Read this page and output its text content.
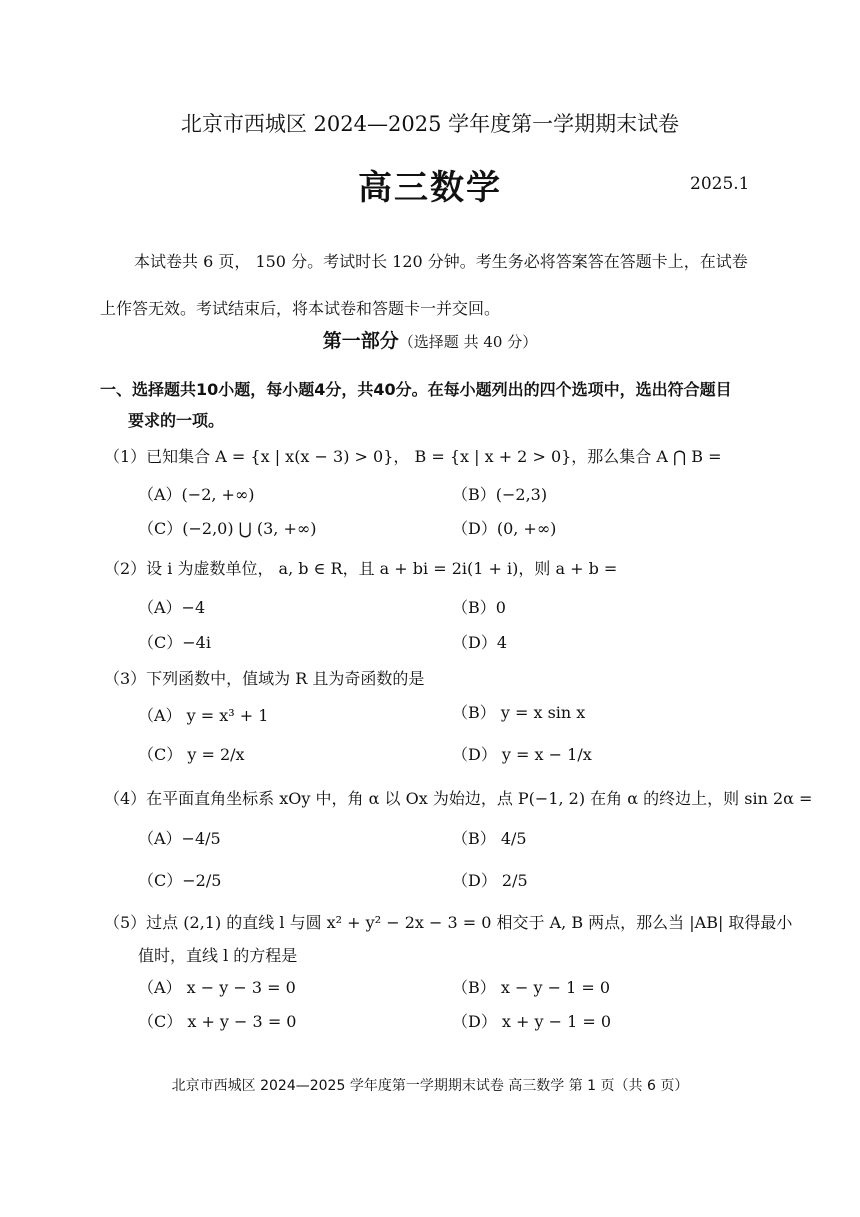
北京市西城区 2024—2025 学年度第一学期期末试卷
高三数学	2025.1
本试卷共 6 页， 150 分。考试时长 120 分钟。考生务必将答案答在答题卡上，在试卷上作答无效。考试结束后，将本试卷和答题卡一并交回。
第一部分（选择题 共 40 分）
一、选择题共10小题，每小题4分，共40分。在每小题列出的四个选项中，选出符合题目
要求的一项。
（1）已知集合 A = {x | x(x − 3) > 0}， B = {x | x + 2 > 0}，那么集合 A ⋂ B =
（A）(−2, +∞)	（B）(−2,3)
（C）(−2,0) ⋃ (3, +∞)	（D）(0, +∞)
（2）设 i 为虚数单位， a, b ∈ R，且 a + bi = 2i(1 + i)，则 a + b =
（A）−4	（B）0
（C）−4i	（D）4
（3）下列函数中，值域为 R 且为奇函数的是
（A） y = x³ + 1	（B） y = x sin x
（C） y = 2/x	（D） y = x − 1/x
（4）在平面直角坐标系 xOy 中，角 α 以 Ox 为始边，点 P(−1, 2) 在角 α 的终边上，则 sin 2α =
（A）−4/5	（B） 4/5
（C）−2/5	（D） 2/5
（5）过点 (2,1) 的直线 l 与圆 x² + y² − 2x − 3 = 0 相交于 A, B 两点，那么当 |AB| 取得最小
值时，直线 l 的方程是
（A） x − y − 3 = 0	（B） x − y − 1 = 0
（C） x + y − 3 = 0	（D） x + y − 1 = 0
北京市西城区 2024—2025 学年度第一学期期末试卷 高三数学 第 1 页（共 6 页）
